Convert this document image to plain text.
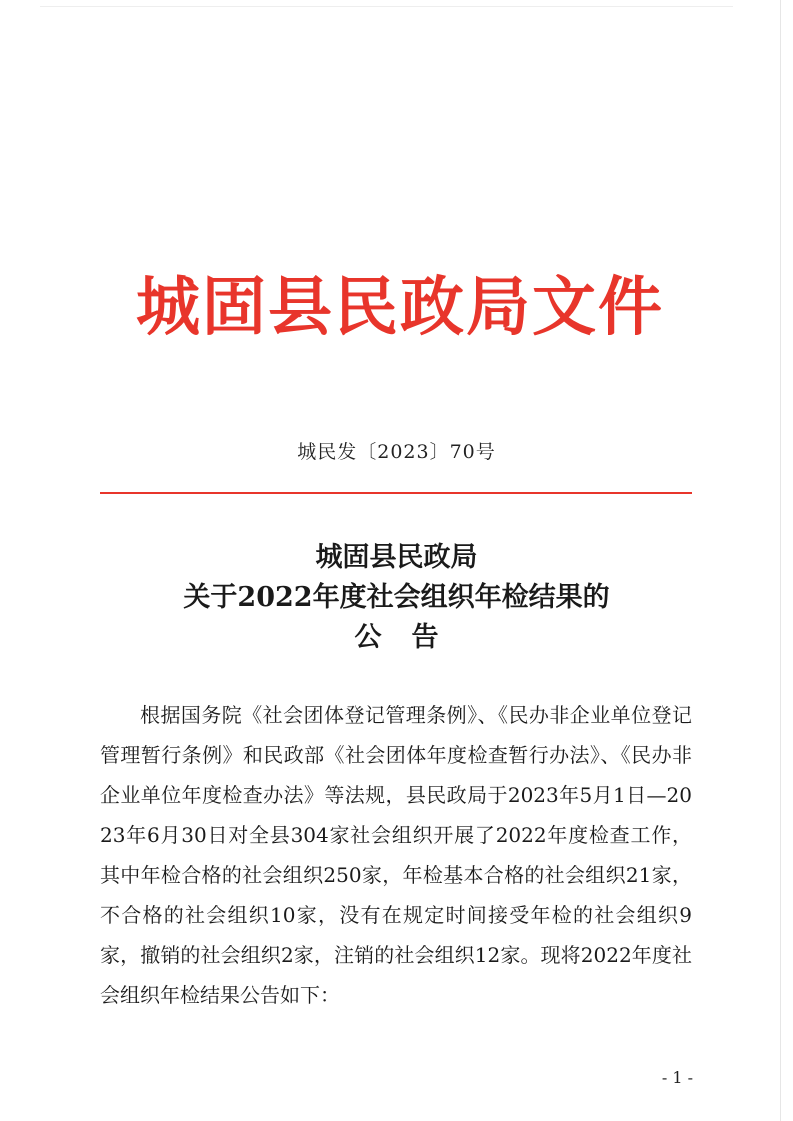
城固县民政局文件
城民发〔2023〕70号
城固县民政局
关于2022年度社会组织年检结果的
公告
根据国务院《社会团体登记管理条例》、《民办非企业单位登记管理暂行条例》和民政部《社会团体年度检查暂行办法》、《民办非企业单位年度检查办法》等法规，县民政局于2023年5月1日—2023年6月30日对全县304家社会组织开展了2022年度检查工作，其中年检合格的社会组织250家，年检基本合格的社会组织21家，不合格的社会组织10家，没有在规定时间接受年检的社会组织9家，撤销的社会组织2家，注销的社会组织12家。现将2022年度社会组织年检结果公告如下：
- 1 -
